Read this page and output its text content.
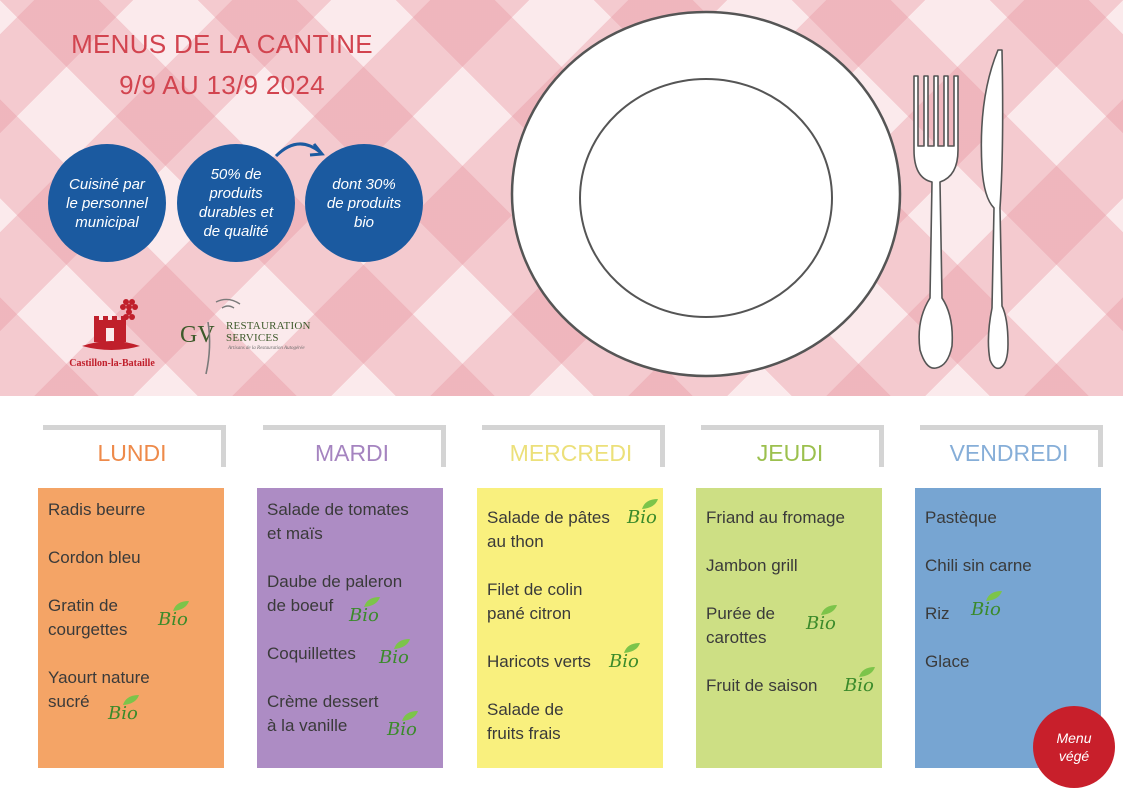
MENUS DE LA CANTINE
9/9 AU 13/9 2024
Cuisiné par
le personnel
municipal
50% de
produits
durables et
de qualité
dont 30%
de produits
bio
Castillon-la-Bataille
GV RESTAURATION
SERVICES
Artisans de la Restauration Autogérée
LUNDI
Radis beurre
Cordon bleu
Gratin de
courgettes
Yaourt nature
sucré
Bio
Bio
MARDI
Salade de tomates
et maïs
Daube de paleron
de boeuf
Coquillettes
Crème dessert
à la vanille
Bio
Bio
Bio
MERCREDI
Salade de pâtes
au thon
Filet de colin
pané citron
Haricots verts
Salade de
fruits frais
Bio
Bio
JEUDI
Friand au fromage
Jambon grill
Purée de
carottes
Fruit de saison
Bio
Bio
VENDREDI
Pastèque
Chili sin carne
Riz
Glace
Bio
Menu
végé
